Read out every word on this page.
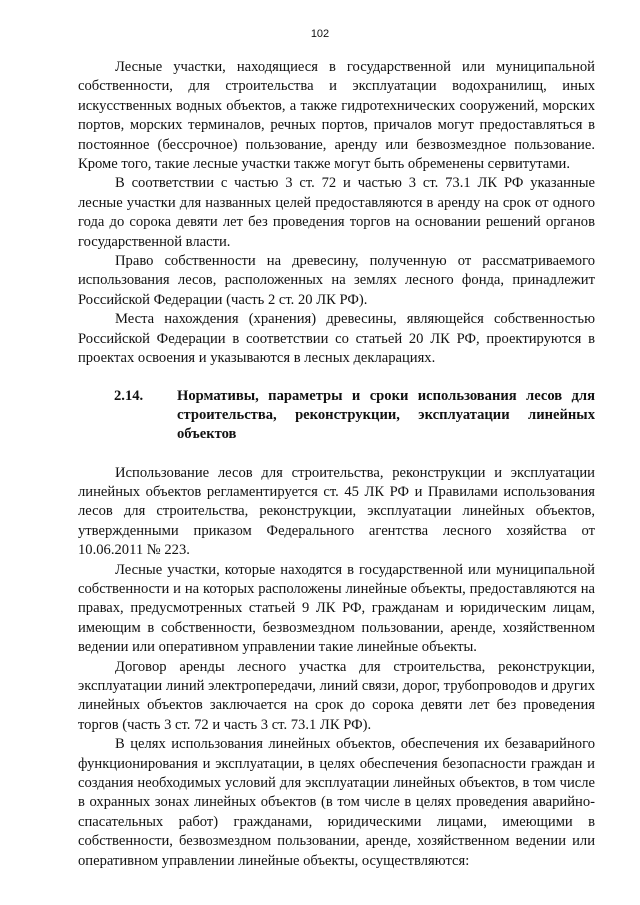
102

Лесные участки, находящиеся в государственной или муниципальной собственности, для строительства и эксплуатации водохранилищ, иных искусственных водных объектов, а также гидротехнических сооружений, морских портов, морских терминалов, речных портов, причалов могут предоставляться в постоянное (бессрочное) пользование, аренду или безвозмездное пользование. Кроме того, такие лесные участки также могут быть обременены сервитутами.

В соответствии с частью 3 ст. 72 и частью 3 ст. 73.1 ЛК РФ указанные лесные участки для названных целей предоставляются в аренду на срок от одного года до сорока девяти лет без проведения торгов на основании решений органов государственной власти.

Право собственности на древесину, полученную от рассматриваемого использования лесов, расположенных на землях лесного фонда, принадлежит Российской Федерации (часть 2 ст. 20 ЛК РФ).

Места нахождения (хранения) древесины, являющейся собственностью Российской Федерации в соответствии со статьей 20 ЛК РФ, проектируются в проектах освоения и указываются в лесных декларациях.

2.14.	Нормативы, параметры и сроки использования лесов для строительства, реконструкции, эксплуатации линейных объектов

Использование лесов для строительства, реконструкции и эксплуатации линейных объектов регламентируется ст. 45 ЛК РФ и Правилами использования лесов для строительства, реконструкции, эксплуатации линейных объектов, утвержденными приказом Федерального агентства лесного хозяйства от 10.06.2011 № 223.

Лесные участки, которые находятся в государственной или муниципальной собственности и на которых расположены линейные объекты, предоставляются на правах, предусмотренных статьей 9 ЛК РФ, гражданам и юридическим лицам, имеющим в собственности, безвозмездном пользовании, аренде, хозяйственном ведении или оперативном управлении такие линейные объекты.

Договор аренды лесного участка для строительства, реконструкции, эксплуатации линий электропередачи, линий связи, дорог, трубопроводов и других линейных объектов заключается на срок до сорока девяти лет без проведения торгов (часть 3 ст. 72 и часть 3 ст. 73.1 ЛК РФ).

В целях использования линейных объектов, обеспечения их безаварийного функционирования и эксплуатации, в целях обеспечения безопасности граждан и создания необходимых условий для эксплуатации линейных объектов, в том числе в охранных зонах линейных объектов (в том числе в целях проведения аварийно-спасательных работ) гражданами, юридическими лицами, имеющими в собственности, безвозмездном пользовании, аренде, хозяйственном ведении или оперативном управлении линейные объекты, осуществляются:
